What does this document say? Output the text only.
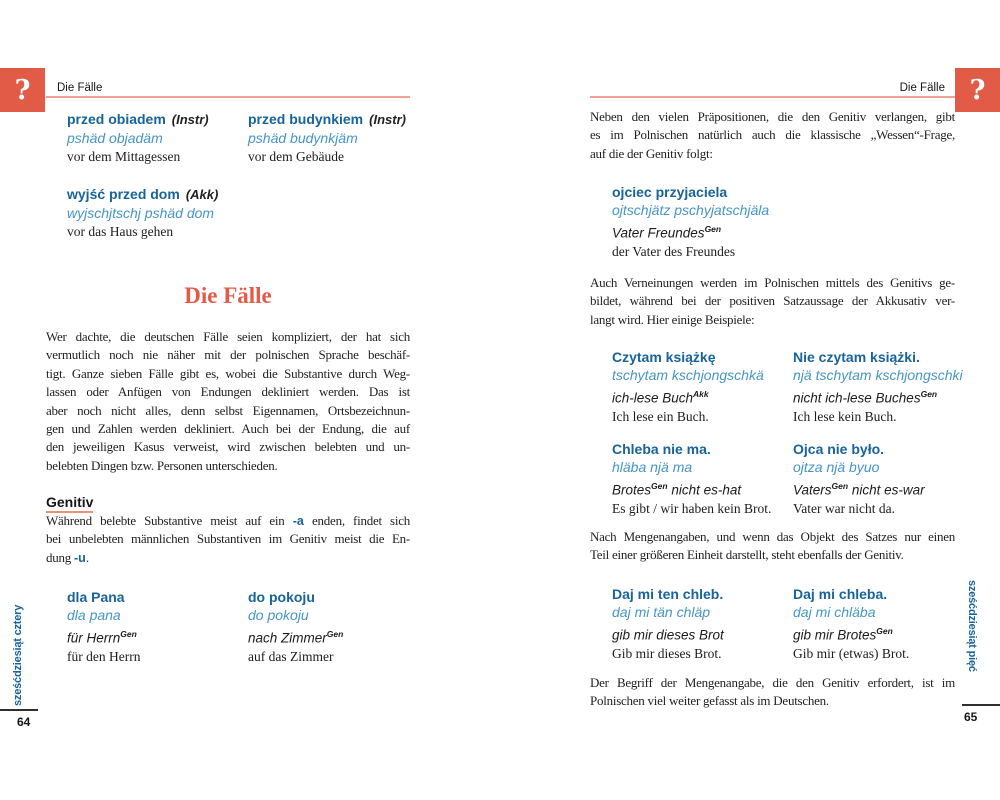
? Die Fälle
przed obiadem (Instr)
pshäd objadäm
vor dem Mittagessen
przed budynkiem (Instr)
pshäd budynkjäm
vor dem Gebäude
wyjść przed dom (Akk)
wyjschjtschj pshäd dom
vor das Haus gehen
Die Fälle
Wer dachte, die deutschen Fälle seien kompliziert, der hat sich
vermutlich noch nie näher mit der polnischen Sprache beschäf-
tigt. Ganze sieben Fälle gibt es, wobei die Substantive durch Weg-
lassen oder Anfügen von Endungen dekliniert werden. Das ist
aber noch nicht alles, denn selbst Eigennamen, Ortsbezeichnun-
gen und Zahlen werden dekliniert. Auch bei der Endung, die auf
den jeweiligen Kasus verweist, wird zwischen belebten und un-
belebten Dingen bzw. Personen unterschieden.
Genitiv
Während belebte Substantive meist auf ein -a enden, findet sich
bei unbelebten männlichen Substantiven im Genitiv meist die En-
dung -u.
dla Pana
dla pana
für Herrn$^{Gen}$
für den Herrn
do pokoju
do pokoju
nach Zimmer$^{Gen}$
auf das Zimmer
sześćdziesiąt cztery
64
?
Die Fälle
Neben den vielen Präpositionen, die den Genitiv verlangen, gibt
es im Polnischen natürlich auch die klassische „Wessen“-Frage,
auf die der Genitiv folgt:
ojciec przyjaciela
ojtschjätz pschyjatschjäla
Vater Freundes$^{Gen}$
der Vater des Freundes
Auch Verneinungen werden im Polnischen mittels des Genitivs ge-
bildet, während bei der positiven Satzaussage der Akkusativ ver-
langt wird. Hier einige Beispiele:
Czytam książkę
tschytam kschjongschkä
ich-lese Buch$^{Akk}$
Ich lese ein Buch.
Nie czytam książki.
njä tschytam kschjongschki
nicht ich-lese Buches$^{Gen}$
Ich lese kein Buch.
Chleba nie ma.
hläba njä ma
Brotes$^{Gen}$ nicht es-hat
Es gibt / wir haben kein Brot.
Ojca nie było.
ojtza njä byuo
Vaters$^{Gen}$ nicht es-war
Vater war nicht da.
Nach Mengenangaben, und wenn das Objekt des Satzes nur einen
Teil einer größeren Einheit darstellt, steht ebenfalls der Genitiv.
Daj mi ten chleb.
daj mi tän chläp
gib mir dieses Brot
Gib mir dieses Brot.
Daj mi chleba.
daj mi chläba
gib mir Brotes$^{Gen}$
Gib mir (etwas) Brot.
Der Begriff der Mengenangabe, die den Genitiv erfordert, ist im
Polnischen viel weiter gefasst als im Deutschen.
sześćdziesiąt pięć
65
